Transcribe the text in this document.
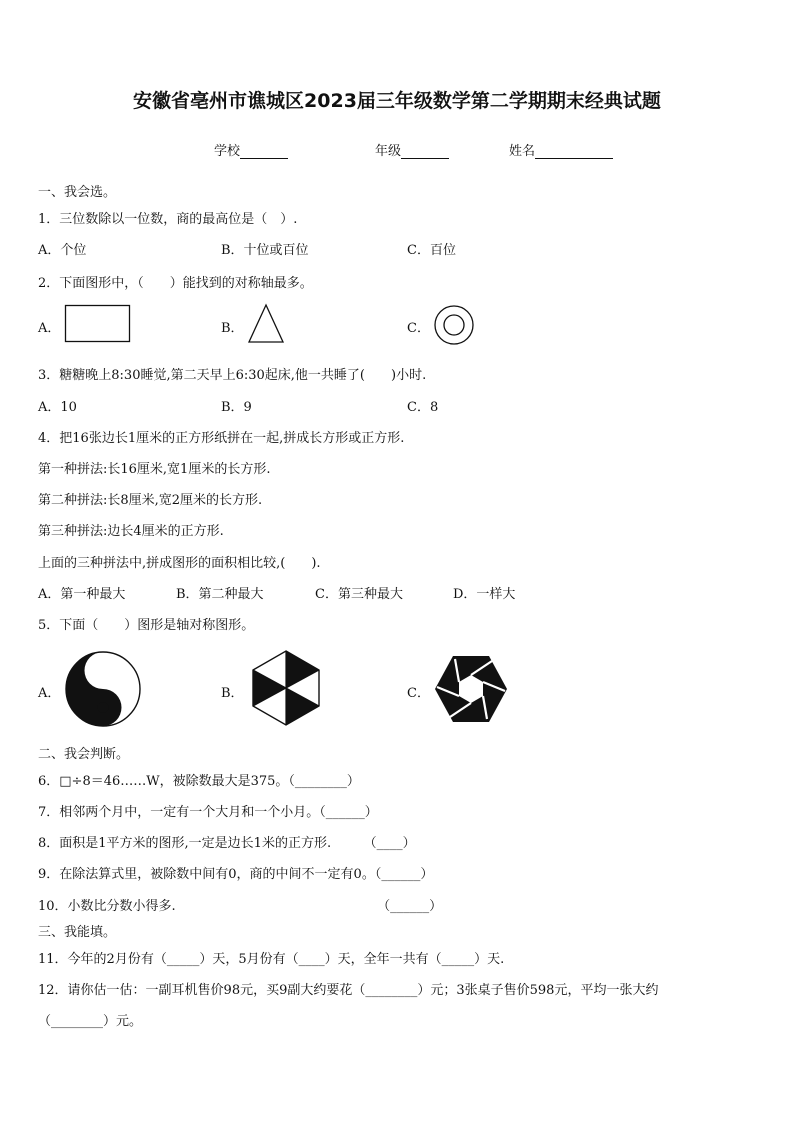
安徽省亳州市谯城区2023届三年级数学第二学期期末经典试题
学校	年级	姓名
一、我会选。
1．三位数除以一位数，商的最高位是（　）.
A．个位	B．十位或百位	C．百位
2．下面图形中，（　　）能找到的对称轴最多。
A．	B．	C．
3．糖糖晚上8:30睡觉,第二天早上6:30起床,他一共睡了(　　)小时.
A．10	B．9	C．8
4．把16张边长1厘米的正方形纸拼在一起,拼成长方形或正方形.
第一种拼法:长16厘米,宽1厘米的长方形.
第二种拼法:长8厘米,宽2厘米的长方形.
第三种拼法:边长4厘米的正方形.
上面的三种拼法中,拼成图形的面积相比较,(　　).
A．第一种最大	B．第二种最大	C．第三种最大	D．一样大
5．下面（　　）图形是轴对称图形。
A．	B．	C．
二、我会判断。
6．□÷8＝46……W，被除数最大是375。（________）
7．相邻两个月中，一定有一个大月和一个小月。（______）
8．面积是1平方米的图形,一定是边长1米的正方形.　　　（____）
9．在除法算式里，被除数中间有0，商的中间不一定有0。（______）
10．小数比分数小得多.　　　　　　　　　　　　　　　　（______）
三、我能填。
11．今年的2月份有（_____）天，5月份有（____）天，全年一共有（_____）天.
12．请你估一估：一副耳机售价98元，买9副大约要花（________）元；3张桌子售价598元，平均一张大约
（________）元。
